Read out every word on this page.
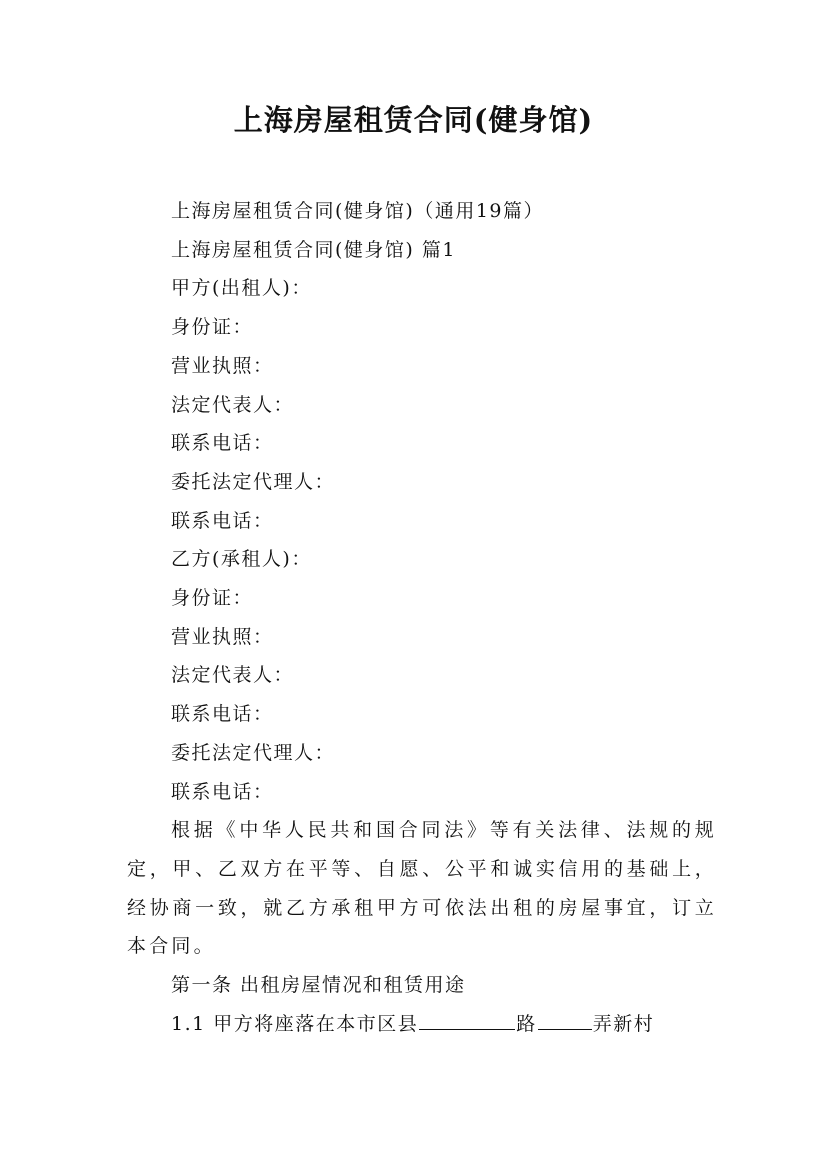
上海房屋租赁合同(健身馆)

上海房屋租赁合同(健身馆)（通用19篇）

上海房屋租赁合同(健身馆) 篇1

甲方(出租人)：

身份证：

营业执照：

法定代表人：

联系电话：

委托法定代理人：

联系电话：

乙方(承租人)：

身份证：

营业执照：

法定代表人：

联系电话：

委托法定代理人：

联系电话：

根据《中华人民共和国合同法》等有关法律、法规的规定，甲、乙双方在平等、自愿、公平和诚实信用的基础上，经协商一致，就乙方承租甲方可依法出租的房屋事宜，订立本合同。

第一条 出租房屋情况和租赁用途

1.1 甲方将座落在本市区县	路	弄新村
